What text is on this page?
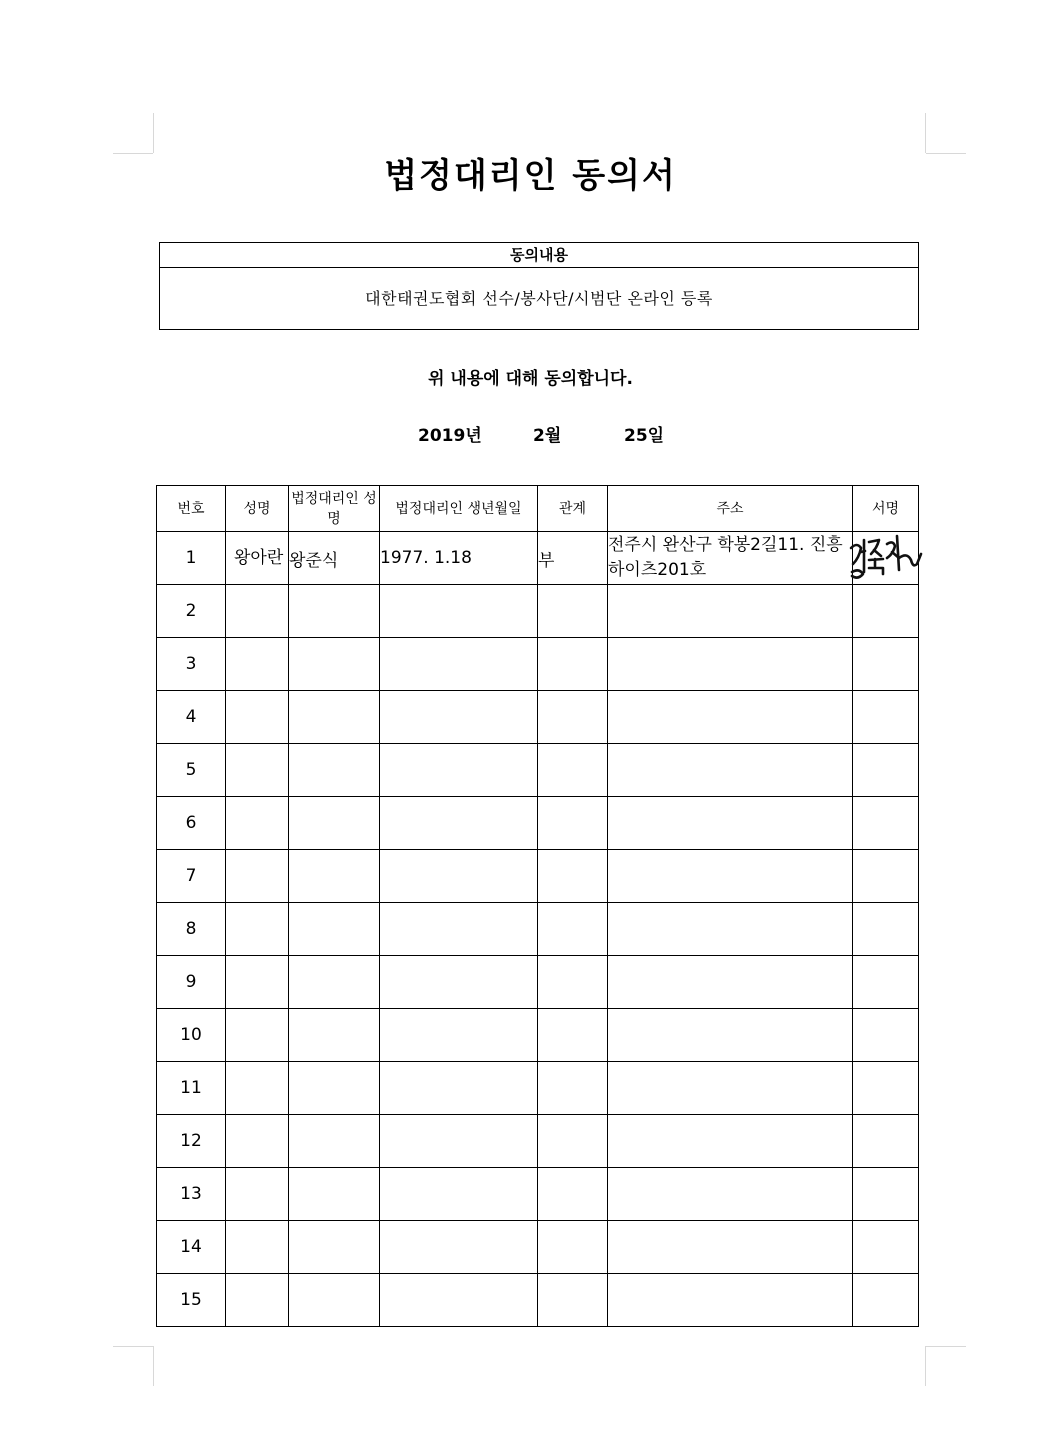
법정대리인 동의서
동의내용
대한태권도협회 선수/봉사단/시범단 온라인 등록
위 내용에 대해 동의합니다.
2019년	2월	25일
번호	성명	법정대리인 성명	법정대리인 생년월일	관계	주소	서명
1	왕아란	왕준식	1977. 1.18	부	전주시 완산구 학봉2길11. 진흥하이츠201호	

2						
3						
4						
5						
6						
7						
8						
9						
10						
11						
12						
13						
14						
15						
